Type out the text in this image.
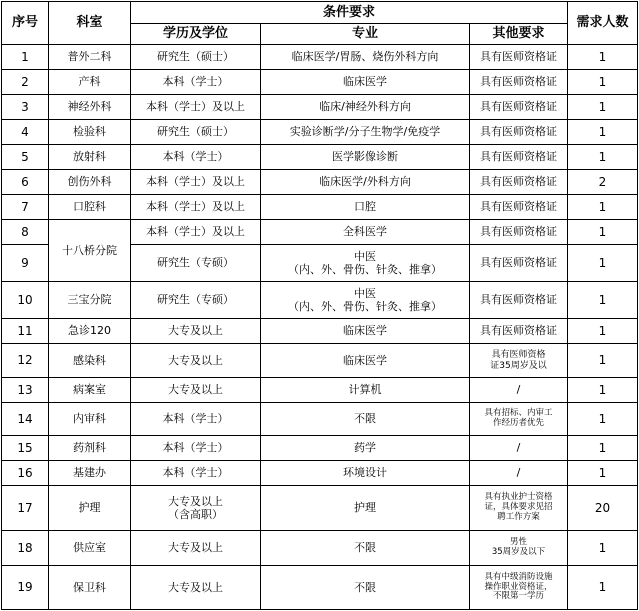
序号	科室	条件要求			需求人数
		学历及学位	专业	其他要求	
1	普外二科	研究生（硕士）	临床医学/胃肠、烧伤外科方向	具有医师资格证	1
2	产科	本科（学士）	临床医学	具有医师资格证	1
3	神经外科	本科（学士）及以上	临床/神经外科方向	具有医师资格证	1
4	检验科	研究生（硕士）	实验诊断学/分子生物学/免疫学	具有医师资格证	1
5	放射科	本科（学士）	医学影像诊断	具有医师资格证	1
6	创伤外科	本科（学士）及以上	临床医学/外科方向	具有医师资格证	2
7	口腔科	本科（学士）及以上	口腔	具有医师资格证	1
8	十八桥分院	本科（学士）及以上	全科医学	具有医师资格证	1
9		研究生（专硕）	中医
（内、外、骨伤、针灸、推拿）	具有医师资格证	1
10	三宝分院	研究生（专硕）	中医
（内、外、骨伤、针灸、推拿）	具有医师资格证	1
11	急诊120	大专及以上	临床医学	具有医师资格证	1
12	感染科	大专及以上	临床医学	具有医师资格
证35周岁及以	1
13	病案室	大专及以上	计算机	/	1
14	内审科	本科（学士）	不限	具有招标、内审工
作经历者优先	1
15	药剂科	本科（学士）	药学	/	1
16	基建办	本科（学士）	环境设计	/	1
17	护理	大专及以上
（含高职）	护理	具有执业护士资格
证，具体要求见招
聘工作方案	20
18	供应室	大专及以上	不限	男性
35周岁及以下	1
19	保卫科	大专及以上	不限	具有中级消防设施
操作职业资格证，
不限第一学历	1
